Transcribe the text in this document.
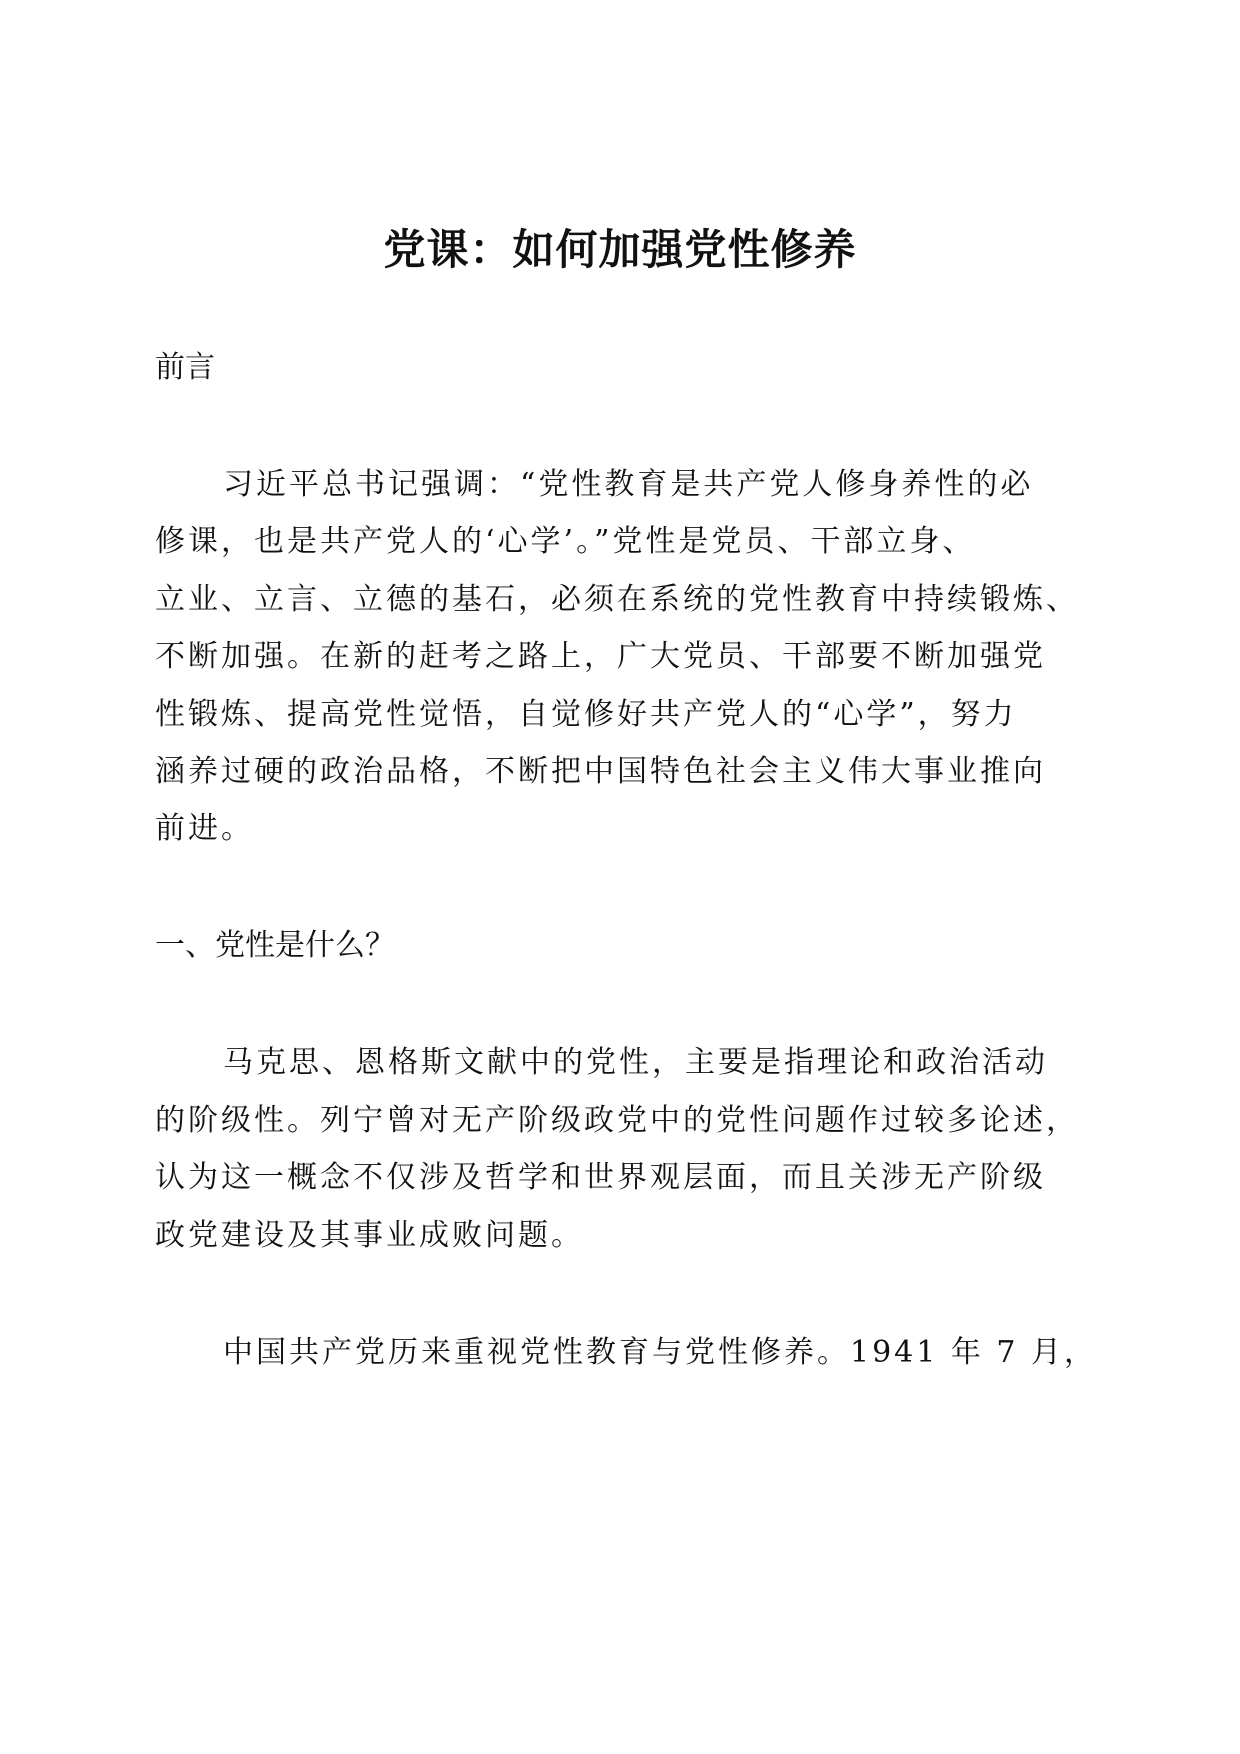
党课：如何加强党性修养
前言
习近平总书记强调：“党性教育是共产党人修身养性的必
修课，也是共产党人的‘心学’。”党性是党员、干部立身、
立业、立言、立德的基石，必须在系统的党性教育中持续锻炼、
不断加强。在新的赶考之路上，广大党员、干部要不断加强党
性锻炼、提高党性觉悟，自觉修好共产党人的“心学”，努力
涵养过硬的政治品格，不断把中国特色社会主义伟大事业推向
前进。
一、党性是什么？
马克思、恩格斯文献中的党性，主要是指理论和政治活动
的阶级性。列宁曾对无产阶级政党中的党性问题作过较多论述，
认为这一概念不仅涉及哲学和世界观层面，而且关涉无产阶级
政党建设及其事业成败问题。
中国共产党历来重视党性教育与党性修养。1941 年 7 月，
